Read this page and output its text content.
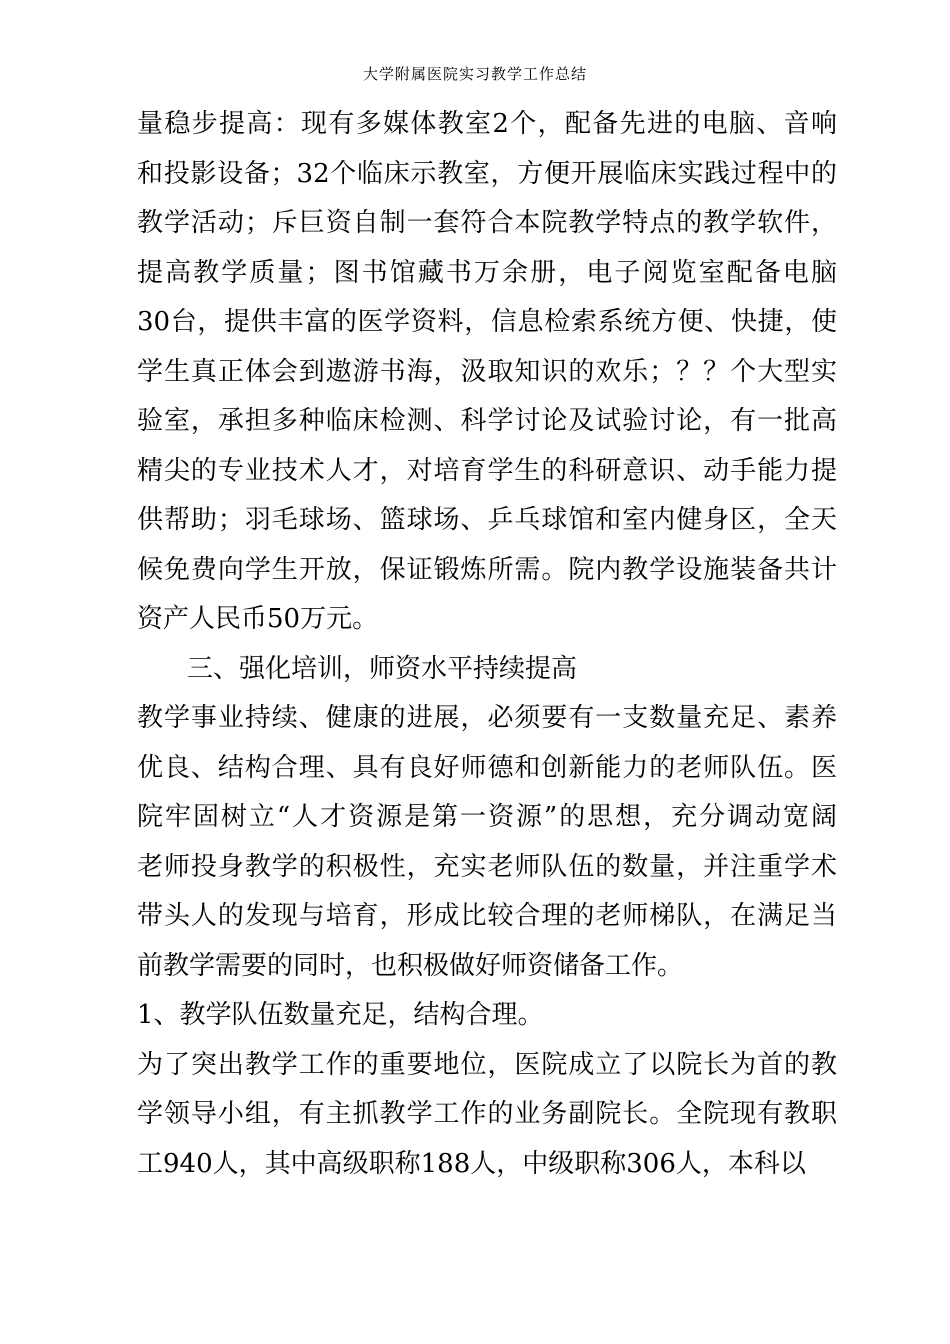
大学附属医院实习教学工作总结
量稳步提高：现有多媒体教室2个，配备先进的电脑、音响
和投影设备；32个临床示教室，方便开展临床实践过程中的
教学活动；斥巨资自制一套符合本院教学特点的教学软件，
提高教学质量；图书馆藏书万余册，电子阅览室配备电脑
30台，提供丰富的医学资料，信息检索系统方便、快捷，使
学生真正体会到遨游书海，汲取知识的欢乐；？？个大型实
验室，承担多种临床检测、科学讨论及试验讨论，有一批高
精尖的专业技术人才，对培育学生的科研意识、动手能力提
供帮助；羽毛球场、篮球场、乒乓球馆和室内健身区，全天
候免费向学生开放，保证锻炼所需。院内教学设施装备共计
资产人民币50万元。
三、强化培训，师资水平持续提高
教学事业持续、健康的进展，必须要有一支数量充足、素养
优良、结构合理、具有良好师德和创新能力的老师队伍。医
院牢固树立“人才资源是第一资源”的思想，充分调动宽阔
老师投身教学的积极性，充实老师队伍的数量，并注重学术
带头人的发现与培育，形成比较合理的老师梯队，在满足当
前教学需要的同时，也积极做好师资储备工作。
1、教学队伍数量充足，结构合理。
为了突出教学工作的重要地位，医院成立了以院长为首的教
学领导小组，有主抓教学工作的业务副院长。全院现有教职
工940人，其中高级职称188人，中级职称306人，本科以
